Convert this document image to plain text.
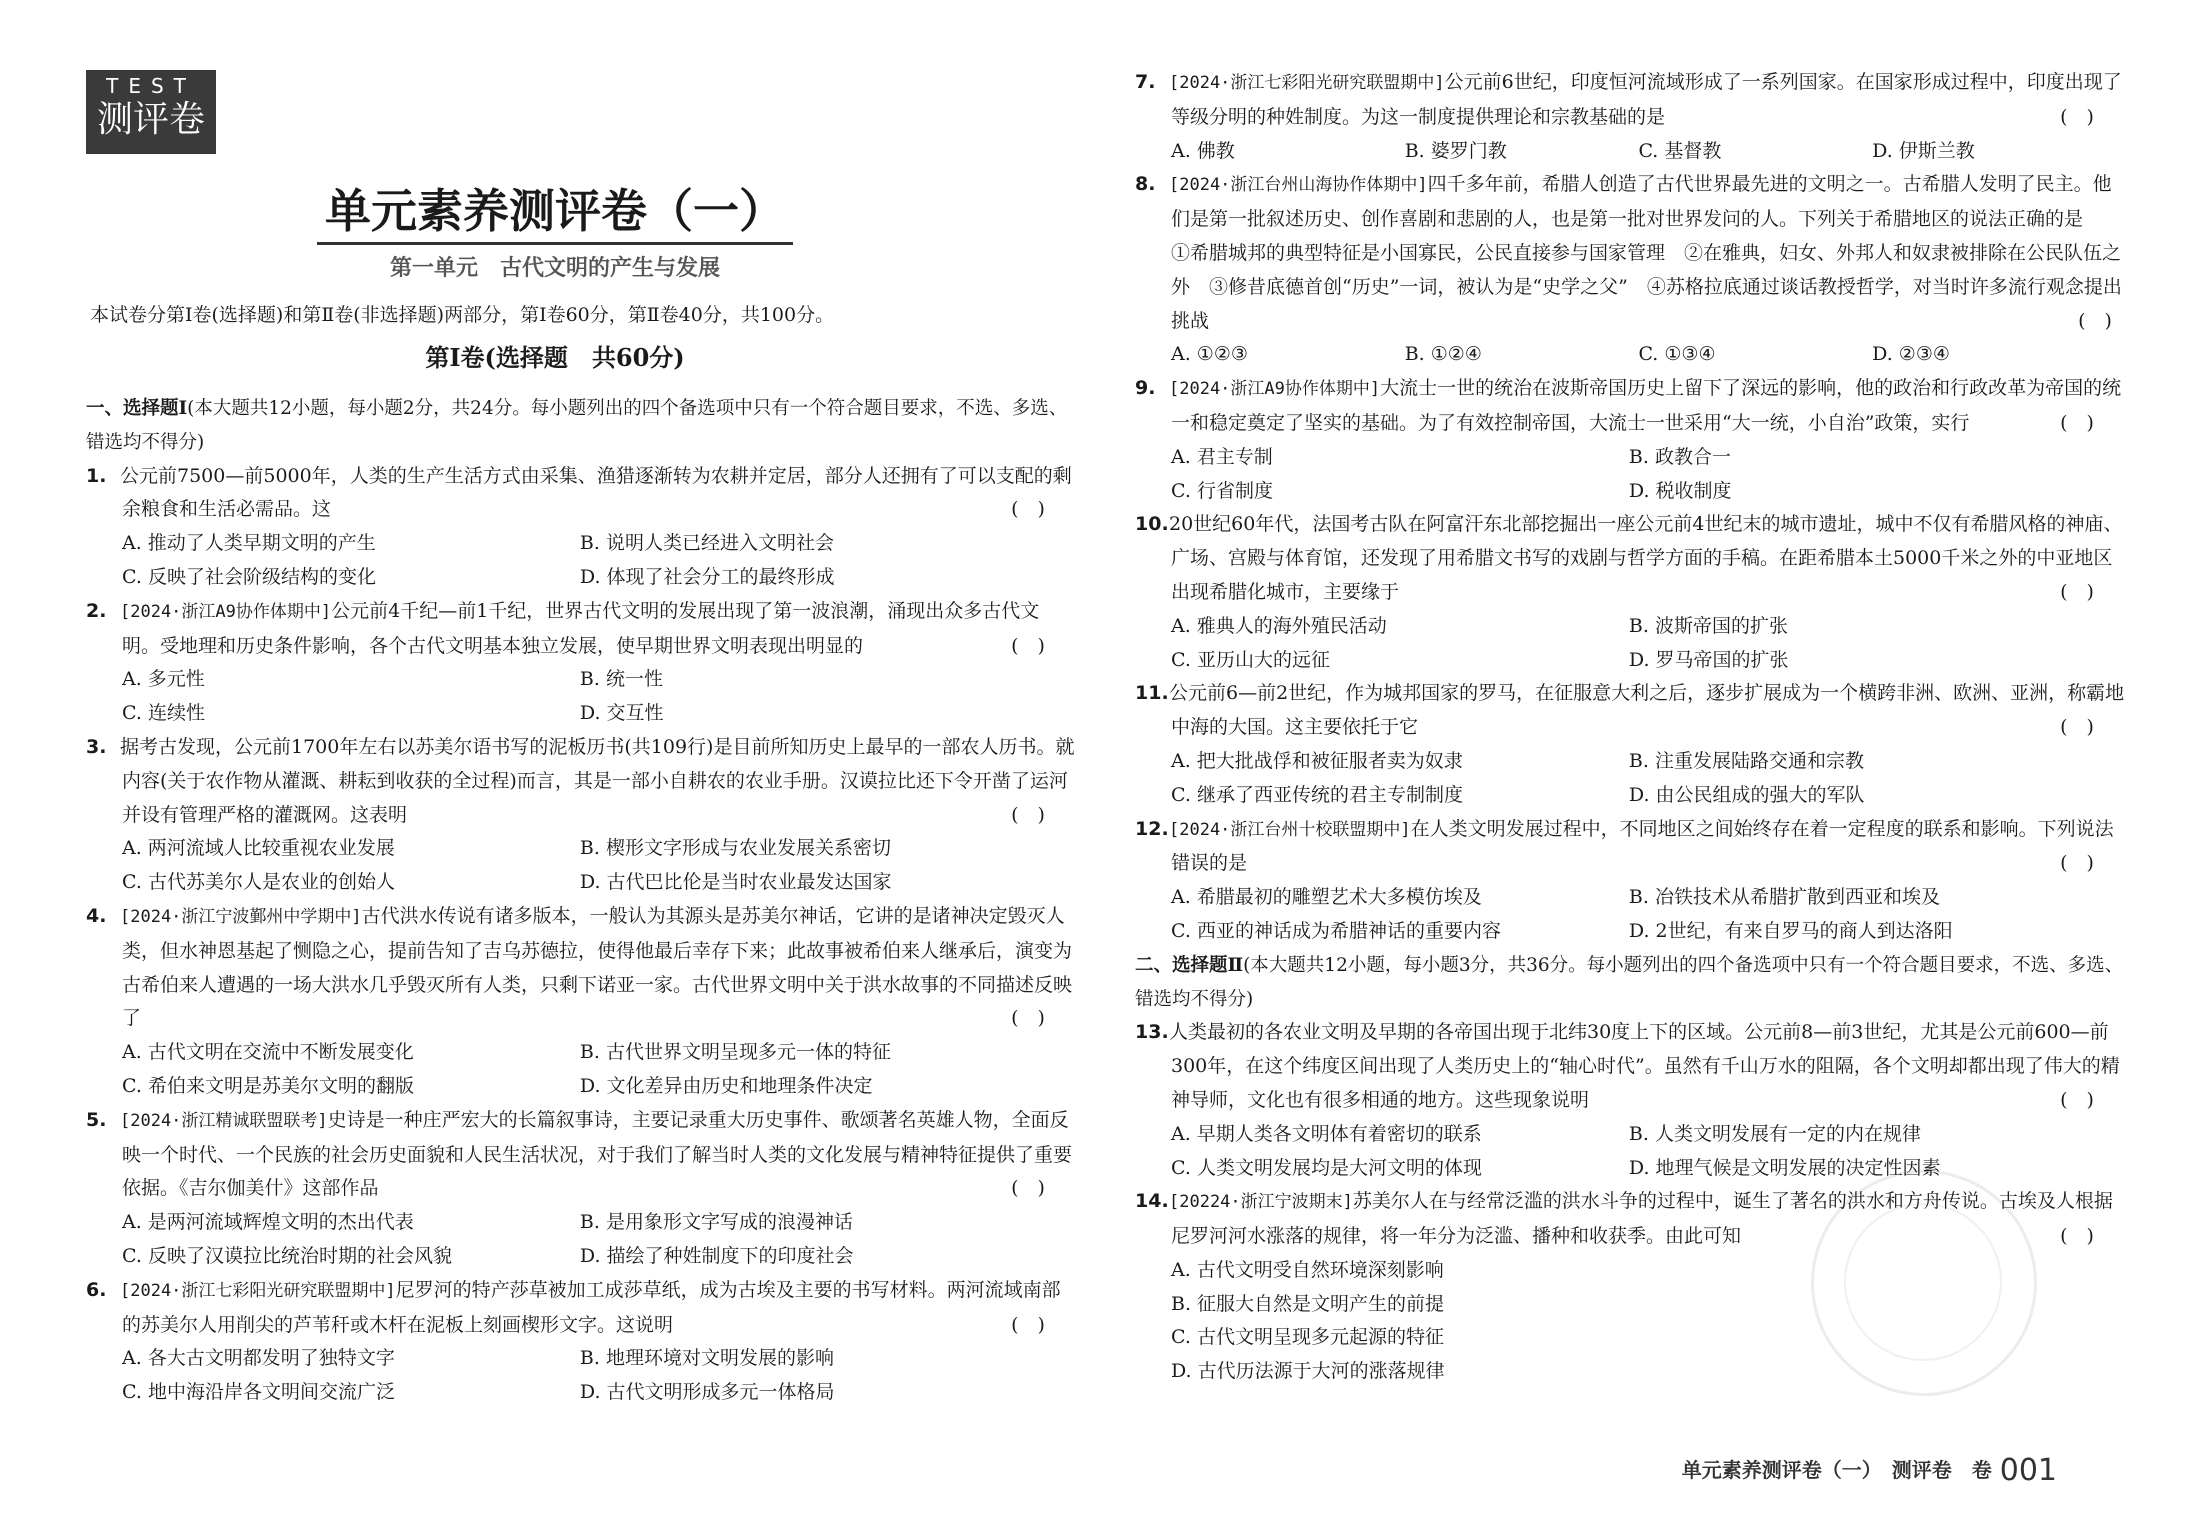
TEST
测评卷
单元素养测评卷（一）
第一单元　古代文明的产生与发展
本试卷分第Ⅰ卷(选择题)和第Ⅱ卷(非选择题)两部分，第Ⅰ卷60分，第Ⅱ卷40分，共100分。
第Ⅰ卷(选择题　共60分)

一、选择题Ⅰ(本大题共12小题，每小题2分，共24分。每小题列出的四个备选项中只有一个符合题目要求，不选、多选、错选均不得分)

1. 公元前7500—前5000年，人类的生产生活方式由采集、渔猎逐渐转为农耕并定居，部分人还拥有了可以支配的剩余粮食和生活必需品。这	(　)
A. 推动了人类早期文明的产生	B. 说明人类已经进入文明社会
C. 反映了社会阶级结构的变化	D. 体现了社会分工的最终形成
2. [2024·浙江A9协作体期中]公元前4千纪—前1千纪，世界古代文明的发展出现了第一波浪潮，涌现出众多古代文明。受地理和历史条件影响，各个古代文明基本独立发展，使早期世界文明表现出明显的	(　)
A. 多元性	B. 统一性
C. 连续性	D. 交互性
3. 据考古发现，公元前1700年左右以苏美尔语书写的泥板历书(共109行)是目前所知历史上最早的一部农人历书。就内容(关于农作物从灌溉、耕耘到收获的全过程)而言，其是一部小自耕农的农业手册。汉谟拉比还下令开凿了运河并设有管理严格的灌溉网。这表明	(　)
A. 两河流域人比较重视农业发展	B. 楔形文字形成与农业发展关系密切
C. 古代苏美尔人是农业的创始人	D. 古代巴比伦是当时农业最发达国家
4. [2024·浙江宁波鄞州中学期中]古代洪水传说有诸多版本，一般认为其源头是苏美尔神话，它讲的是诸神决定毁灭人类，但水神恩基起了恻隐之心，提前告知了吉乌苏德拉，使得他最后幸存下来；此故事被希伯来人继承后，演变为古希伯来人遭遇的一场大洪水几乎毁灭所有人类，只剩下诺亚一家。古代世界文明中关于洪水故事的不同描述反映了	(　)
A. 古代文明在交流中不断发展变化	B. 古代世界文明呈现多元一体的特征
C. 希伯来文明是苏美尔文明的翻版	D. 文化差异由历史和地理条件决定
5. [2024·浙江精诚联盟联考]史诗是一种庄严宏大的长篇叙事诗，主要记录重大历史事件、歌颂著名英雄人物，全面反映一个时代、一个民族的社会历史面貌和人民生活状况，对于我们了解当时人类的文化发展与精神特征提供了重要依据。《吉尔伽美什》这部作品	(　)
A. 是两河流域辉煌文明的杰出代表	B. 是用象形文字写成的浪漫神话
C. 反映了汉谟拉比统治时期的社会风貌	D. 描绘了种姓制度下的印度社会
6. [2024·浙江七彩阳光研究联盟期中]尼罗河的特产莎草被加工成莎草纸，成为古埃及主要的书写材料。两河流域南部的苏美尔人用削尖的芦苇秆或木杆在泥板上刻画楔形文字。这说明	(　)
A. 各大古文明都发明了独特文字	B. 地理环境对文明发展的影响
C. 地中海沿岸各文明间交流广泛	D. 古代文明形成多元一体格局
7. [2024·浙江七彩阳光研究联盟期中]公元前6世纪，印度恒河流域形成了一系列国家。在国家形成过程中，印度出现了等级分明的种姓制度。为这一制度提供理论和宗教基础的是	(　)
A. 佛教	B. 婆罗门教	C. 基督教	D. 伊斯兰教
8. [2024·浙江台州山海协作体期中]四千多年前，希腊人创造了古代世界最先进的文明之一。古希腊人发明了民主。他们是第一批叙述历史、创作喜剧和悲剧的人，也是第一批对世界发问的人。下列关于希腊地区的说法正确的是
①希腊城邦的典型特征是小国寡民，公民直接参与国家管理　②在雅典，妇女、外邦人和奴隶被排除在公民队伍之外　③修昔底德首创“历史”一词，被认为是“史学之父”　④苏格拉底通过谈话教授哲学，对当时许多流行观念提出挑战	(　)
A. ①②③	B. ①②④	C. ①③④	D. ②③④
9. [2024·浙江A9协作体期中]大流士一世的统治在波斯帝国历史上留下了深远的影响，他的政治和行政改革为帝国的统一和稳定奠定了坚实的基础。为了有效控制帝国，大流士一世采用“大一统，小自治”政策，实行	(　)
A. 君主专制	B. 政教合一
C. 行省制度	D. 税收制度
10.20世纪60年代，法国考古队在阿富汗东北部挖掘出一座公元前4世纪末的城市遗址，城中不仅有希腊风格的神庙、广场、宫殿与体育馆，还发现了用希腊文书写的戏剧与哲学方面的手稿。在距希腊本土5000千米之外的中亚地区出现希腊化城市，主要缘于	(　)
A. 雅典人的海外殖民活动	B. 波斯帝国的扩张
C. 亚历山大的远征	D. 罗马帝国的扩张
11.公元前6—前2世纪，作为城邦国家的罗马，在征服意大利之后，逐步扩展成为一个横跨非洲、欧洲、亚洲，称霸地中海的大国。这主要依托于它	(　)
A. 把大批战俘和被征服者卖为奴隶	B. 注重发展陆路交通和宗教
C. 继承了西亚传统的君主专制制度	D. 由公民组成的强大的军队
12.[2024·浙江台州十校联盟期中]在人类文明发展过程中，不同地区之间始终存在着一定程度的联系和影响。下列说法错误的是	(　)
A. 希腊最初的雕塑艺术大多模仿埃及	B. 冶铁技术从希腊扩散到西亚和埃及
C. 西亚的神话成为希腊神话的重要内容	D. 2世纪，有来自罗马的商人到达洛阳

二、选择题Ⅱ(本大题共12小题，每小题3分，共36分。每小题列出的四个备选项中只有一个符合题目要求，不选、多选、错选均不得分)

13.人类最初的各农业文明及早期的各帝国出现于北纬30度上下的区域。公元前8—前3世纪，尤其是公元前600—前300年，在这个纬度区间出现了人类历史上的“轴心时代”。虽然有千山万水的阻隔，各个文明却都出现了伟大的精神导师，文化也有很多相通的地方。这些现象说明	(　)
A. 早期人类各文明体有着密切的联系	B. 人类文明发展有一定的内在规律
C. 人类文明发展均是大河文明的体现	D. 地理气候是文明发展的决定性因素
14.[20224·浙江宁波期末]苏美尔人在与经常泛滥的洪水斗争的过程中，诞生了著名的洪水和方舟传说。古埃及人根据尼罗河河水涨落的规律，将一年分为泛滥、播种和收获季。由此可知	(　)
A. 古代文明受自然环境深刻影响
B. 征服大自然是文明产生的前提
C. 古代文明呈现多元起源的特征
D. 古代历法源于大河的涨落规律
单元素养测评卷（一）　测评卷　卷 001
